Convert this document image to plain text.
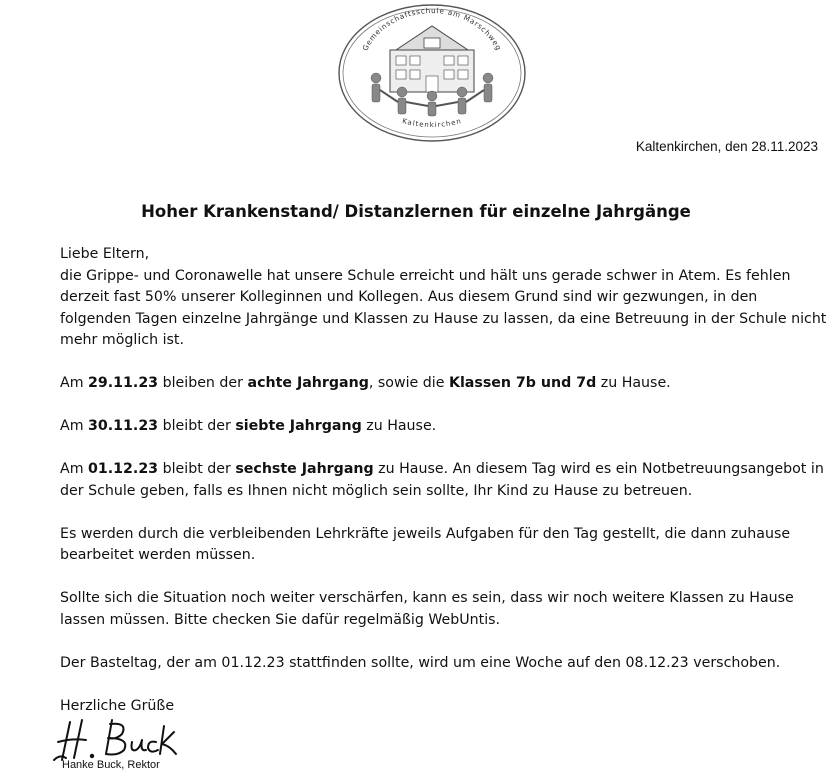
Gemeinschaftsschule am Marschweg
Kaltenkirchen
Kaltenkirchen, den 28.11.2023
Hoher Krankenstand/ Distanzlernen für einzelne Jahrgänge
Liebe Eltern,
die Grippe- und Coronawelle hat unsere Schule erreicht und hält uns gerade schwer in Atem. Es fehlen
derzeit fast 50% unserer Kolleginnen und Kollegen. Aus diesem Grund sind wir gezwungen, in den
folgenden Tagen einzelne Jahrgänge und Klassen zu Hause zu lassen, da eine Betreuung in der Schule nicht
mehr möglich ist.
Am 29.11.23 bleiben der achte Jahrgang, sowie die Klassen 7b und 7d zu Hause.
Am 30.11.23 bleibt der siebte Jahrgang zu Hause.
Am 01.12.23 bleibt der sechste Jahrgang zu Hause. An diesem Tag wird es ein Notbetreuungsangebot in
der Schule geben, falls es Ihnen nicht möglich sein sollte, Ihr Kind zu Hause zu betreuen.
Es werden durch die verbleibenden Lehrkräfte jeweils Aufgaben für den Tag gestellt, die dann zuhause
bearbeitet werden müssen.
Sollte sich die Situation noch weiter verschärfen, kann es sein, dass wir noch weitere Klassen zu Hause
lassen müssen. Bitte checken Sie dafür regelmäßig WebUntis.
Der Basteltag, der am 01.12.23 stattfinden sollte, wird um eine Woche auf den 08.12.23 verschoben.
Herzliche Grüße
Hanke Buck, Rektor
